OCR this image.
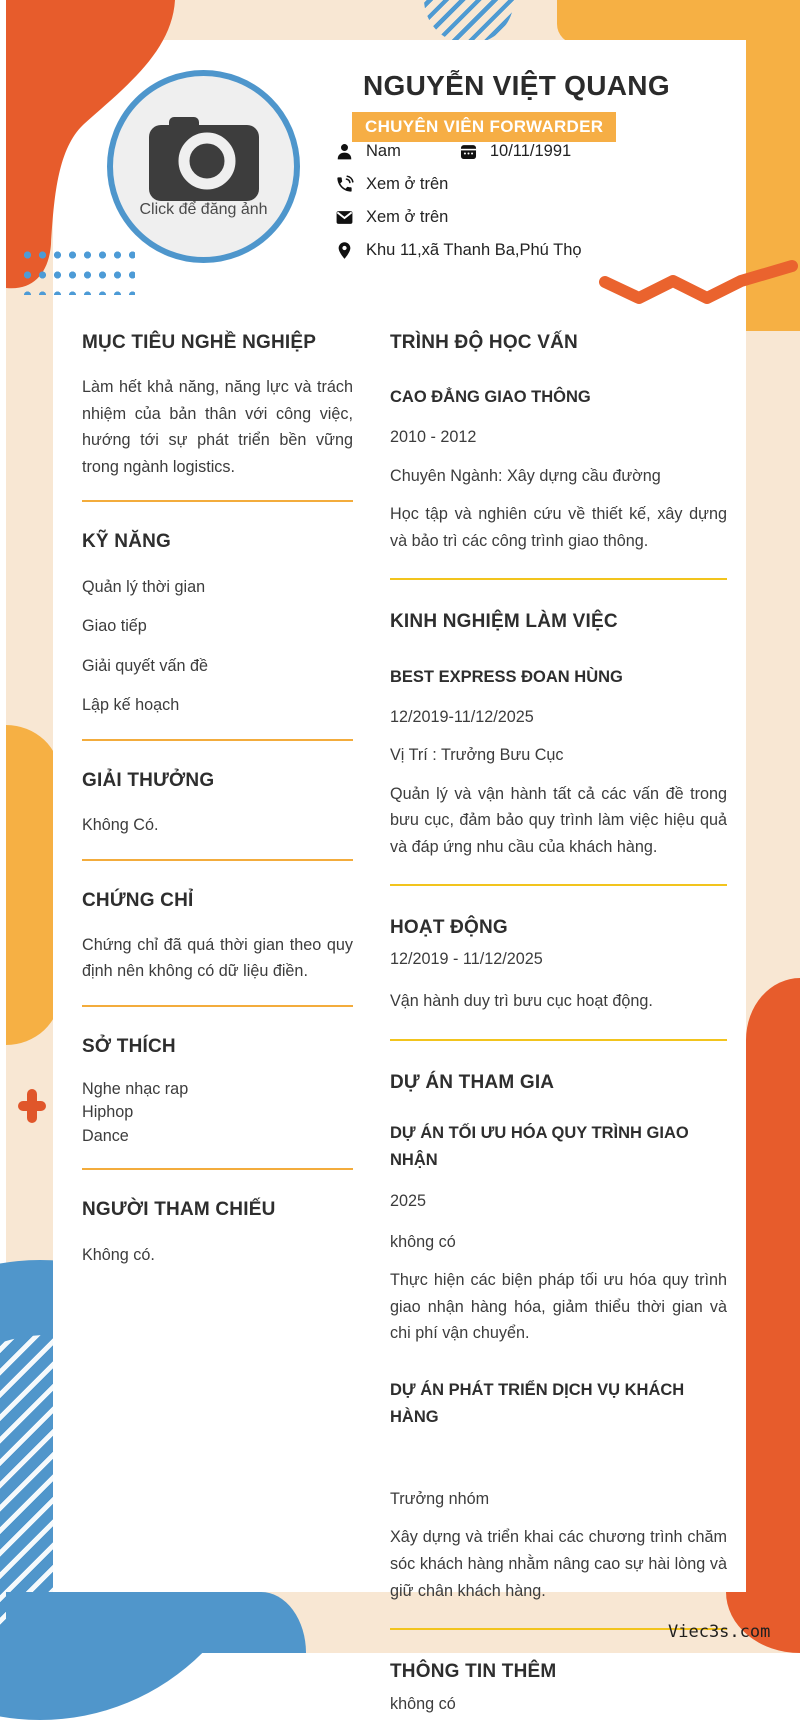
Click để đăng ảnh
NGUYỄN VIỆT QUANG
CHUYÊN VIÊN FORWARDER
Nam	10/11/1991
Xem ở trên
Xem ở trên
Khu 11,xã Thanh Ba,Phú Thọ
MỤC TIÊU NGHỀ NGHIỆP
Làm hết khả năng, năng lực và trách nhiệm của bản thân với công việc, hướng tới sự phát triển bền vững trong ngành logistics.
KỸ NĂNG
Quản lý thời gian
Giao tiếp
Giải quyết vấn đề
Lập kế hoạch
GIẢI THƯỞNG
Không Có.
CHỨNG CHỈ
Chứng chỉ đã quá thời gian theo quy định nên không có dữ liệu điền.
SỞ THÍCH
Nghe nhạc rap
Hiphop
Dance
NGƯỜI THAM CHIẾU
Không có.
TRÌNH ĐỘ HỌC VẤN
CAO ĐẲNG GIAO THÔNG
2010 - 2012
Chuyên Ngành: Xây dựng cầu đường
Học tập và nghiên cứu về thiết kế, xây dựng và bảo trì các công trình giao thông.
KINH NGHIỆM LÀM VIỆC
BEST EXPRESS ĐOAN HÙNG
12/2019-11/12/2025
Vị Trí : Trưởng Bưu Cục
Quản lý và vận hành tất cả các vấn đề trong bưu cục, đảm bảo quy trình làm việc hiệu quả và đáp ứng nhu cầu của khách hàng.
HOẠT ĐỘNG
12/2019 - 11/12/2025
Vận hành duy trì bưu cục hoạt động.
DỰ ÁN THAM GIA
DỰ ÁN TỐI ƯU HÓA QUY TRÌNH GIAO NHẬN
2025
không có
Thực hiện các biện pháp tối ưu hóa quy trình giao nhận hàng hóa, giảm thiểu thời gian và chi phí vận chuyển.
DỰ ÁN PHÁT TRIỂN DỊCH VỤ KHÁCH HÀNG
Trưởng nhóm
Xây dựng và triển khai các chương trình chăm sóc khách hàng nhằm nâng cao sự hài lòng và giữ chân khách hàng.
THÔNG TIN THÊM
không có
Viec3s.com
